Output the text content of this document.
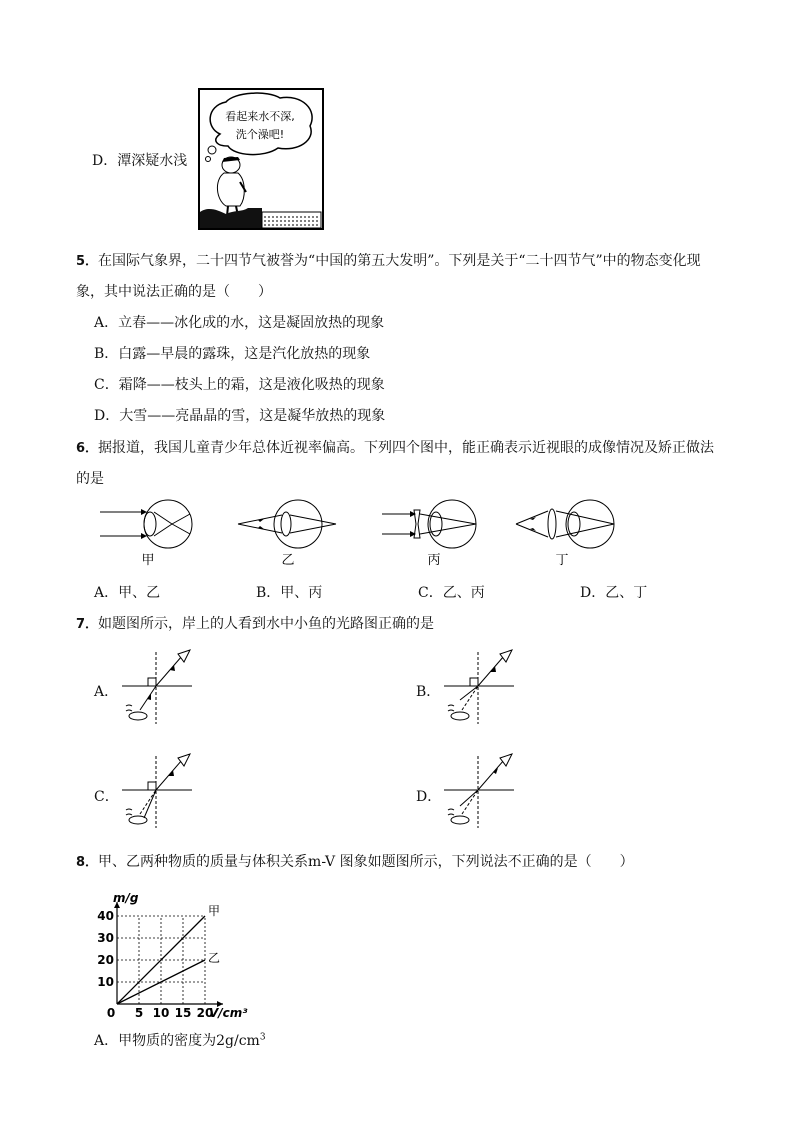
D．潭深疑水浅
看起来水不深,
洗个澡吧!
5．在国际气象界，二十四节气被誉为“中国的第五大发明”。下列是关于“二十四节气”中的物态变化现
象，其中说法正确的是（　　）
A．立春——冰化成的水，这是凝固放热的现象
B．白露—早晨的露珠，这是汽化放热的现象
C．霜降——枝头上的霜，这是液化吸热的现象
D．大雪——亮晶晶的雪，这是凝华放热的现象
6．据报道，我国儿童青少年总体近视率偏高。下列四个图中，能正确表示近视眼的成像情况及矫正做法
的是
甲	乙	丙	丁
A．甲、乙	B．甲、丙	C．乙、丙	D．乙、丁
7．如题图所示，岸上的人看到水中小鱼的光路图正确的是
A．	B．
C．	D．
8．甲、乙两种物质的质量与体积关系m-V 图象如题图所示，下列说法不正确的是（　　）
0 5 10 15 20
10
20
30
40	甲
乙
m/g
V/cm³
A．甲物质的密度为$2g/cm^3$
